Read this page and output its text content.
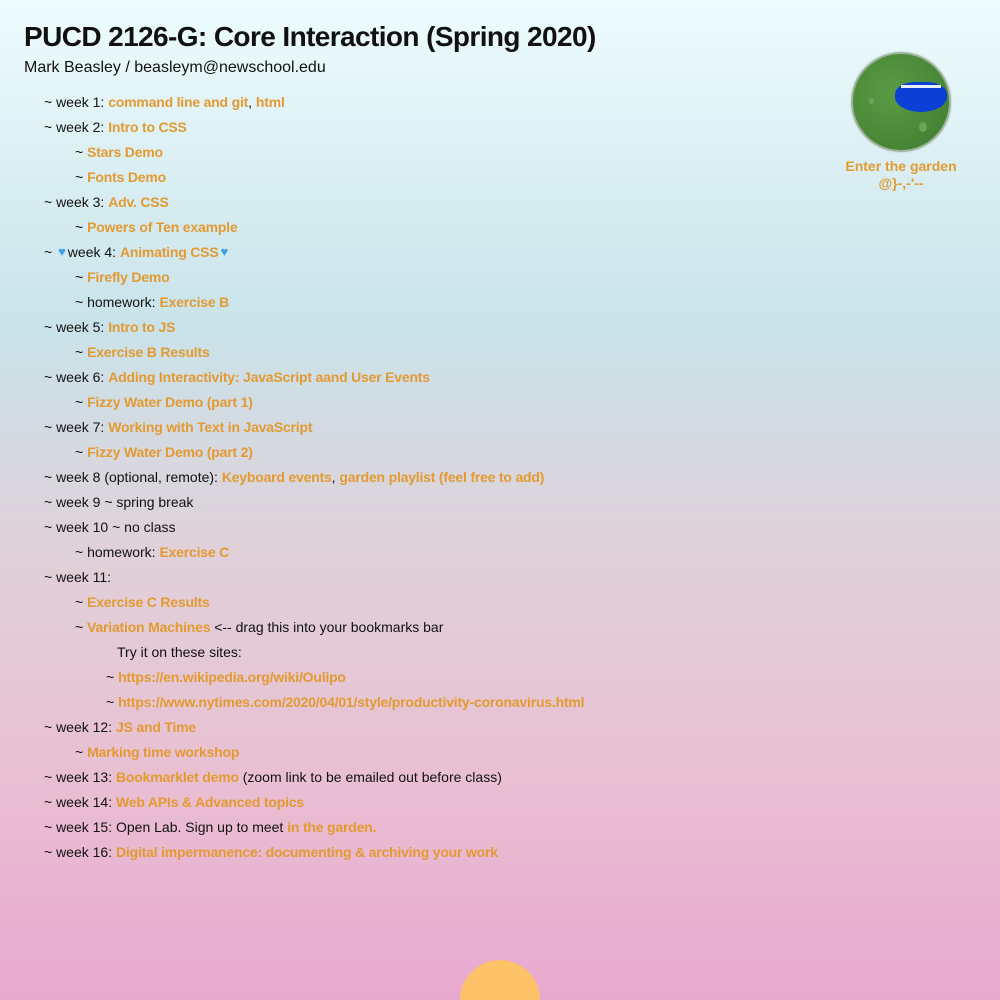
PUCD 2126-G: Core Interaction (Spring 2020)
Mark Beasley / beasleym@newschool.edu
~ week 1: command line and git , html
~ week 2: Intro to CSS
~ Stars Demo
~ Fonts Demo
~ week 3: Adv. CSS
~ Powers of Ten example
~ ♥ week 4: Animating CSS ♥
~ Firefly Demo
~ homework: Exercise B
~ week 5: Intro to JS
~ Exercise B Results
~ week 6: Adding Interactivity: JavaScript aand User Events
~ Fizzy Water Demo (part 1)
~ week 7: Working with Text in JavaScript
~ Fizzy Water Demo (part 2)
~ week 8 (optional, remote): Keyboard events , garden playlist (feel free to add)
~ week 9 ~ spring break
~ week 10 ~ no class
~ homework: Exercise C
~ week 11:
~ Exercise C Results
~ Variation Machines <-- drag this into your bookmarks bar
Try it on these sites:
~ https://en.wikipedia.org/wiki/Oulipo
~ https://www.nytimes.com/2020/04/01/style/productivity-coronavirus.html
~ week 12: JS and Time
~ Marking time workshop
~ week 13: Bookmarklet demo (zoom link to be emailed out before class)
~ week 14: Web APIs & Advanced topics
~ week 15: Open Lab. Sign up to meet in the garden.
~ week 16: Digital impermanence: documenting & archiving your work
Enter the garden
@}-,-'--
